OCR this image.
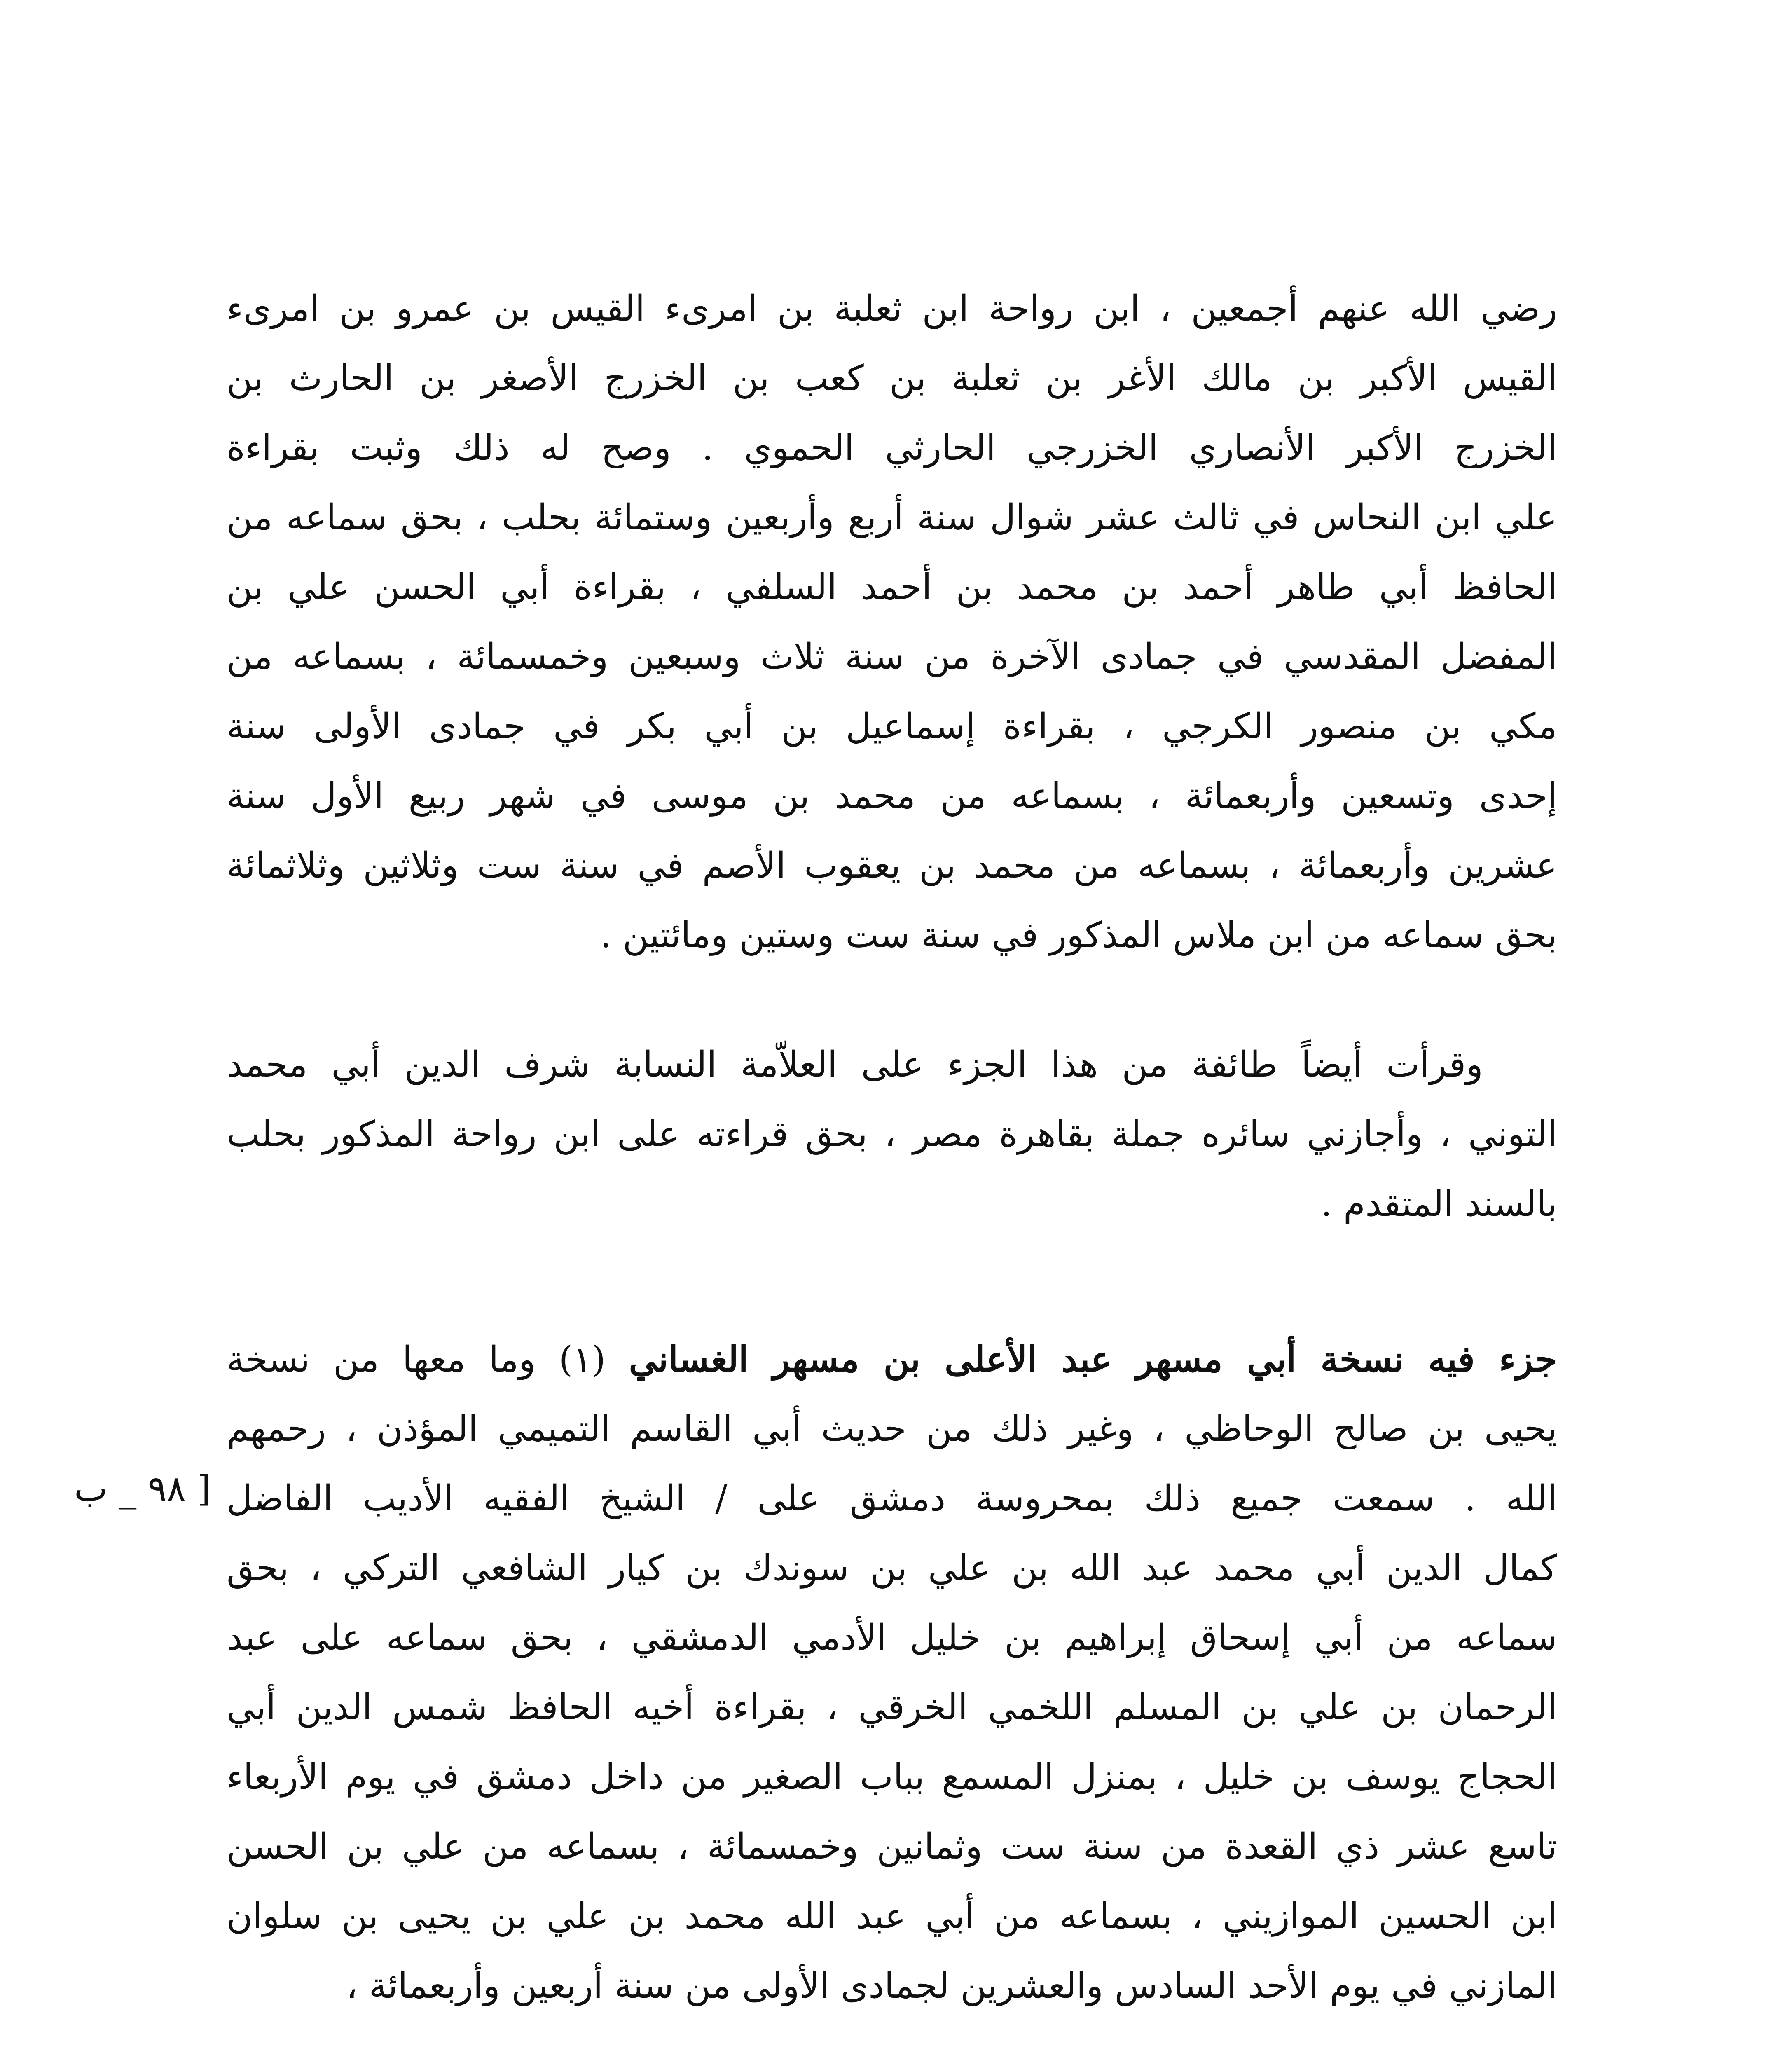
رضي الله عنهم أجمعين ، ابن رواحة ابن ثعلبة بن امرىء القيس بن عمرو بن امرىء
القيس الأكبر بن مالك الأغر بن ثعلبة بن كعب بن الخزرج الأصغر بن الحارث بن
الخزرج الأكبر الأنصاري الخزرجي الحارثي الحموي . وصح له ذلك وثبت بقراءة
علي ابن النحاس في ثالث عشر شوال سنة أربع وأربعين وستمائة بحلب ، بحق سماعه من
الحافظ أبي طاهر أحمد بن محمد بن أحمد السلفي ، بقراءة أبي الحسن علي بن
المفضل المقدسي في جمادى الآخرة من سنة ثلاث وسبعين وخمسمائة ، بسماعه من
مكي بن منصور الكرجي ، بقراءة إسماعيل بن أبي بكر في جمادى الأولى سنة
إحدى وتسعين وأربعمائة ، بسماعه من محمد بن موسى في شهر ربيع الأول سنة
عشرين وأربعمائة ، بسماعه من محمد بن يعقوب الأصم في سنة ست وثلاثين وثلاثمائة
بحق سماعه من ابن ملاس المذكور في سنة ست وستين ومائتين .
وقرأت أيضاً طائفة من هذا الجزء على العلاّمة النسابة شرف الدين أبي محمد
التوني ، وأجازني سائره جملة بقاهرة مصر ، بحق قراءته على ابن رواحة المذكور بحلب
بالسند المتقدم .
جزء فيه نسخة أبي مسهر عبد الأعلى بن مسهر الغساني (١) وما معها من نسخة
يحيى بن صالح الوحاظي ، وغير ذلك من حديث أبي القاسم التميمي المؤذن ، رحمهم
الله . سمعت جميع ذلك بمحروسة دمشق على / الشيخ الفقيه الأديب الفاضل
كمال الدين أبي محمد عبد الله بن علي بن سوندك بن كيار الشافعي التركي ، بحق
سماعه من أبي إسحاق إبراهيم بن خليل الأدمي الدمشقي ، بحق سماعه على عبد
الرحمان بن علي بن المسلم اللخمي الخرقي ، بقراءة أخيه الحافظ شمس الدين أبي
الحجاج يوسف بن خليل ، بمنزل المسمع بباب الصغير من داخل دمشق في يوم الأربعاء
تاسع عشر ذي القعدة من سنة ست وثمانين وخمسمائة ، بسماعه من علي بن الحسن
ابن الحسين الموازيني ، بسماعه من أبي عبد الله محمد بن علي بن يحيى بن سلوان
المازني في يوم الأحد السادس والعشرين لجمادى الأولى من سنة أربعين وأربعمائة ،
[ ٩٨ _ ب
